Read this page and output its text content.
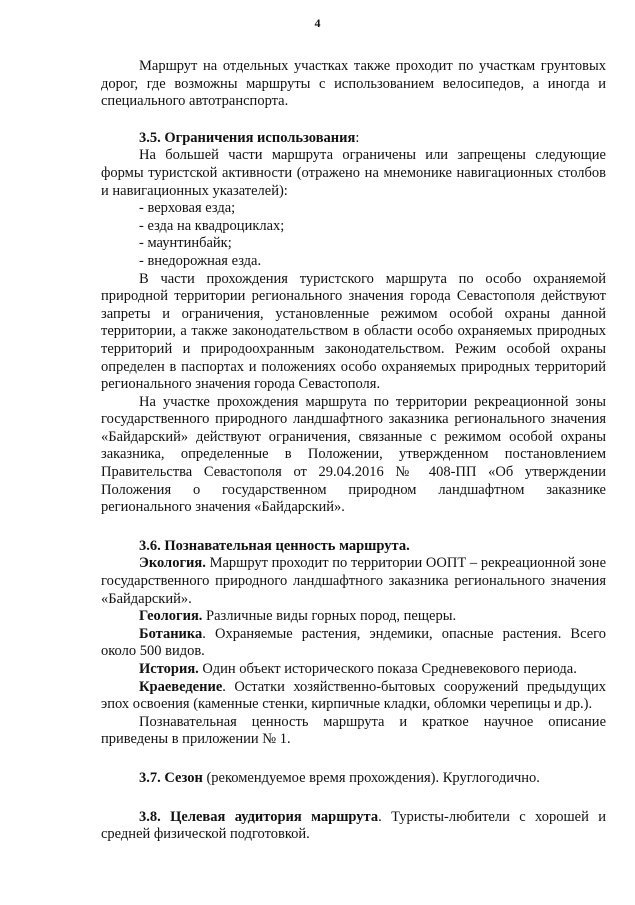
4

Маршрут на отдельных участках также проходит по участкам грунтовых дорог, где возможны маршруты с использованием велосипедов, а иногда и специального автотранспорта.

3.5. Ограничения использования:

На большей части маршрута ограничены или запрещены следующие формы туристской активности (отражено на мнемонике навигационных столбов и навигационных указателей):

- верховая езда;

- езда на квадроциклах;

- маунтинбайк;

- внедорожная езда.

В части прохождения туристского маршрута по особо охраняемой природной территории регионального значения города Севастополя действуют запреты и ограничения, установленные режимом особой охраны данной территории, а также законодательством в области особо охраняемых природных территорий и природоохранным законодательством. Режим особой охраны определен в паспортах и положениях особо охраняемых природных территорий регионального значения города Севастополя.

На участке прохождения маршрута по территории рекреационной зоны государственного природного ландшафтного заказника регионального значения «Байдарский» действуют ограничения, связанные с режимом особой охраны заказника, определенные в Положении, утвержденном постановлением Правительства Севастополя от 29.04.2016 № 408-ПП «Об утверждении Положения о государственном природном ландшафтном заказнике регионального значения «Байдарский».

3.6. Познавательная ценность маршрута.

Экология. Маршрут проходит по территории ООПТ – рекреационной зоне государственного природного ландшафтного заказника регионального значения «Байдарский».

Геология. Различные виды горных пород, пещеры.

Ботаника. Охраняемые растения, эндемики, опасные растения. Всего около 500 видов.

История. Один объект исторического показа Средневекового периода.

Краеведение. Остатки хозяйственно-бытовых сооружений предыдущих эпох освоения (каменные стенки, кирпичные кладки, обломки черепицы и др.).

Познавательная ценность маршрута и краткое научное описание приведены в приложении № 1.

3.7. Сезон (рекомендуемое время прохождения). Круглогодично.

3.8. Целевая аудитория маршрута. Туристы-любители с хорошей и средней физической подготовкой.
